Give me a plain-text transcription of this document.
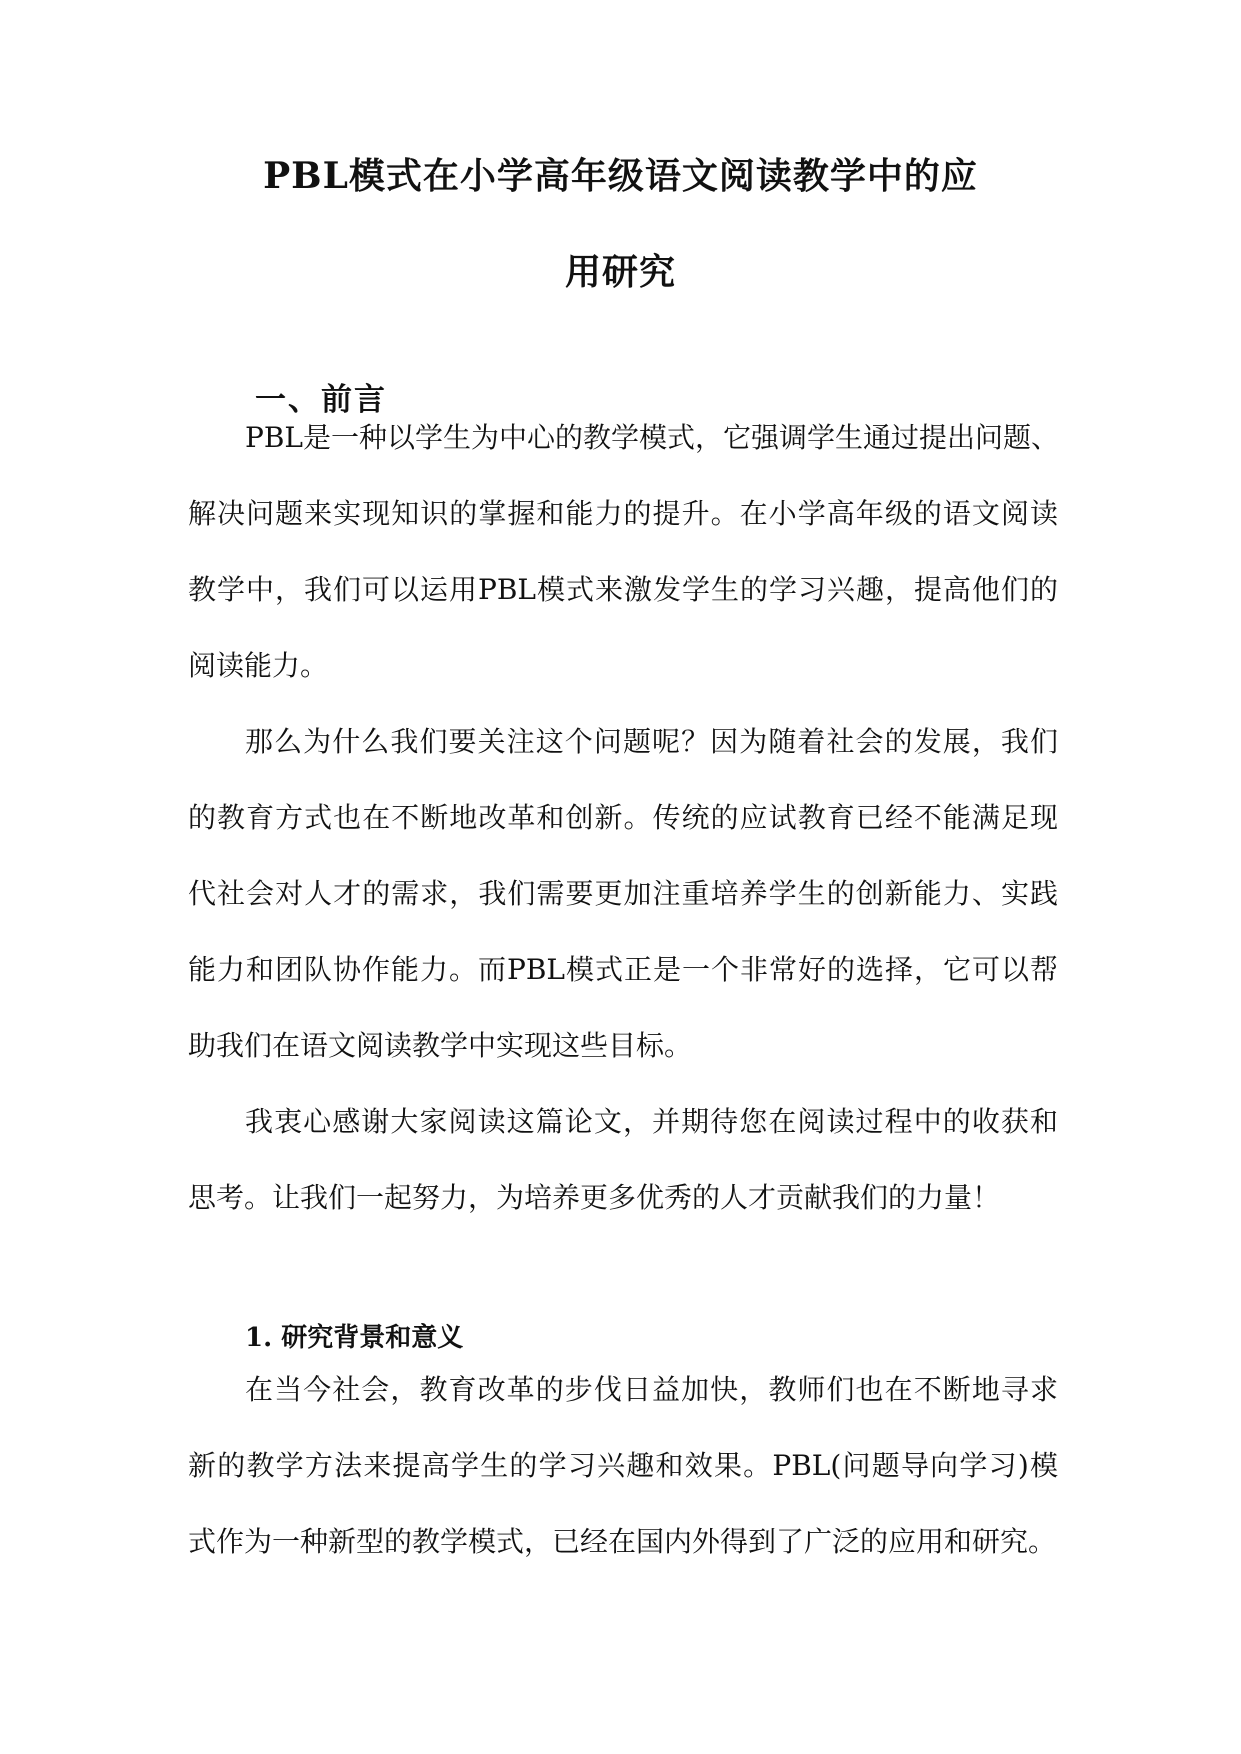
PBL模式在小学高年级语文阅读教学中的应
用研究
一、前言
PBL是一种以学生为中心的教学模式，它强调学生通过提出问题、
解决问题来实现知识的掌握和能力的提升。在小学高年级的语文阅读
教学中，我们可以运用PBL模式来激发学生的学习兴趣，提高他们的
阅读能力。
那么为什么我们要关注这个问题呢？因为随着社会的发展，我们
的教育方式也在不断地改革和创新。传统的应试教育已经不能满足现
代社会对人才的需求，我们需要更加注重培养学生的创新能力、实践
能力和团队协作能力。而PBL模式正是一个非常好的选择，它可以帮
助我们在语文阅读教学中实现这些目标。
我衷心感谢大家阅读这篇论文，并期待您在阅读过程中的收获和
思考。让我们一起努力，为培养更多优秀的人才贡献我们的力量！
1. 研究背景和意义
在当今社会，教育改革的步伐日益加快，教师们也在不断地寻求
新的教学方法来提高学生的学习兴趣和效果。PBL(问题导向学习)模
式作为一种新型的教学模式，已经在国内外得到了广泛的应用和研究。
